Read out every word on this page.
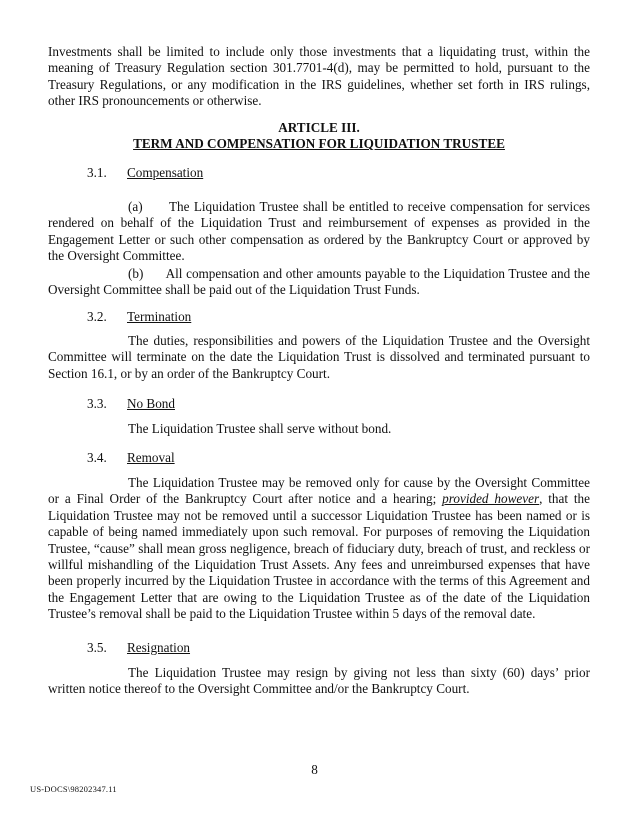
Investments shall be limited to include only those investments that a liquidating trust, within the meaning of Treasury Regulation section 301.7701-4(d), may be permitted to hold, pursuant to the Treasury Regulations, or any modification in the IRS guidelines, whether set forth in IRS rulings, other IRS pronouncements or otherwise.

ARTICLE III.
TERM AND COMPENSATION FOR LIQUIDATION TRUSTEE
3.1. Compensation

(a) The Liquidation Trustee shall be entitled to receive compensation for services rendered on behalf of the Liquidation Trust and reimbursement of expenses as provided in the Engagement Letter or such other compensation as ordered by the Bankruptcy Court or approved by the Oversight Committee.

(b) All compensation and other amounts payable to the Liquidation Trustee and the Oversight Committee shall be paid out of the Liquidation Trust Funds.

3.2. Termination

The duties, responsibilities and powers of the Liquidation Trustee and the Oversight Committee will terminate on the date the Liquidation Trust is dissolved and terminated pursuant to Section 16.1, or by an order of the Bankruptcy Court.

3.3. No Bond

The Liquidation Trustee shall serve without bond.

3.4. Removal

The Liquidation Trustee may be removed only for cause by the Oversight Committee or a Final Order of the Bankruptcy Court after notice and a hearing; provided however, that the Liquidation Trustee may not be removed until a successor Liquidation Trustee has been named or is capable of being named immediately upon such removal. For purposes of removing the Liquidation Trustee, “cause” shall mean gross negligence, breach of fiduciary duty, breach of trust, and reckless or willful mishandling of the Liquidation Trust Assets. Any fees and unreimbursed expenses that have been properly incurred by the Liquidation Trustee in accordance with the terms of this Agreement and the Engagement Letter that are owing to the Liquidation Trustee as of the date of the Liquidation Trustee’s removal shall be paid to the Liquidation Trustee within 5 days of the removal date.

3.5. Resignation

The Liquidation Trustee may resign by giving not less than sixty (60) days’ prior written notice thereof to the Oversight Committee and/or the Bankruptcy Court.

8
US-DOCS\98202347.11
